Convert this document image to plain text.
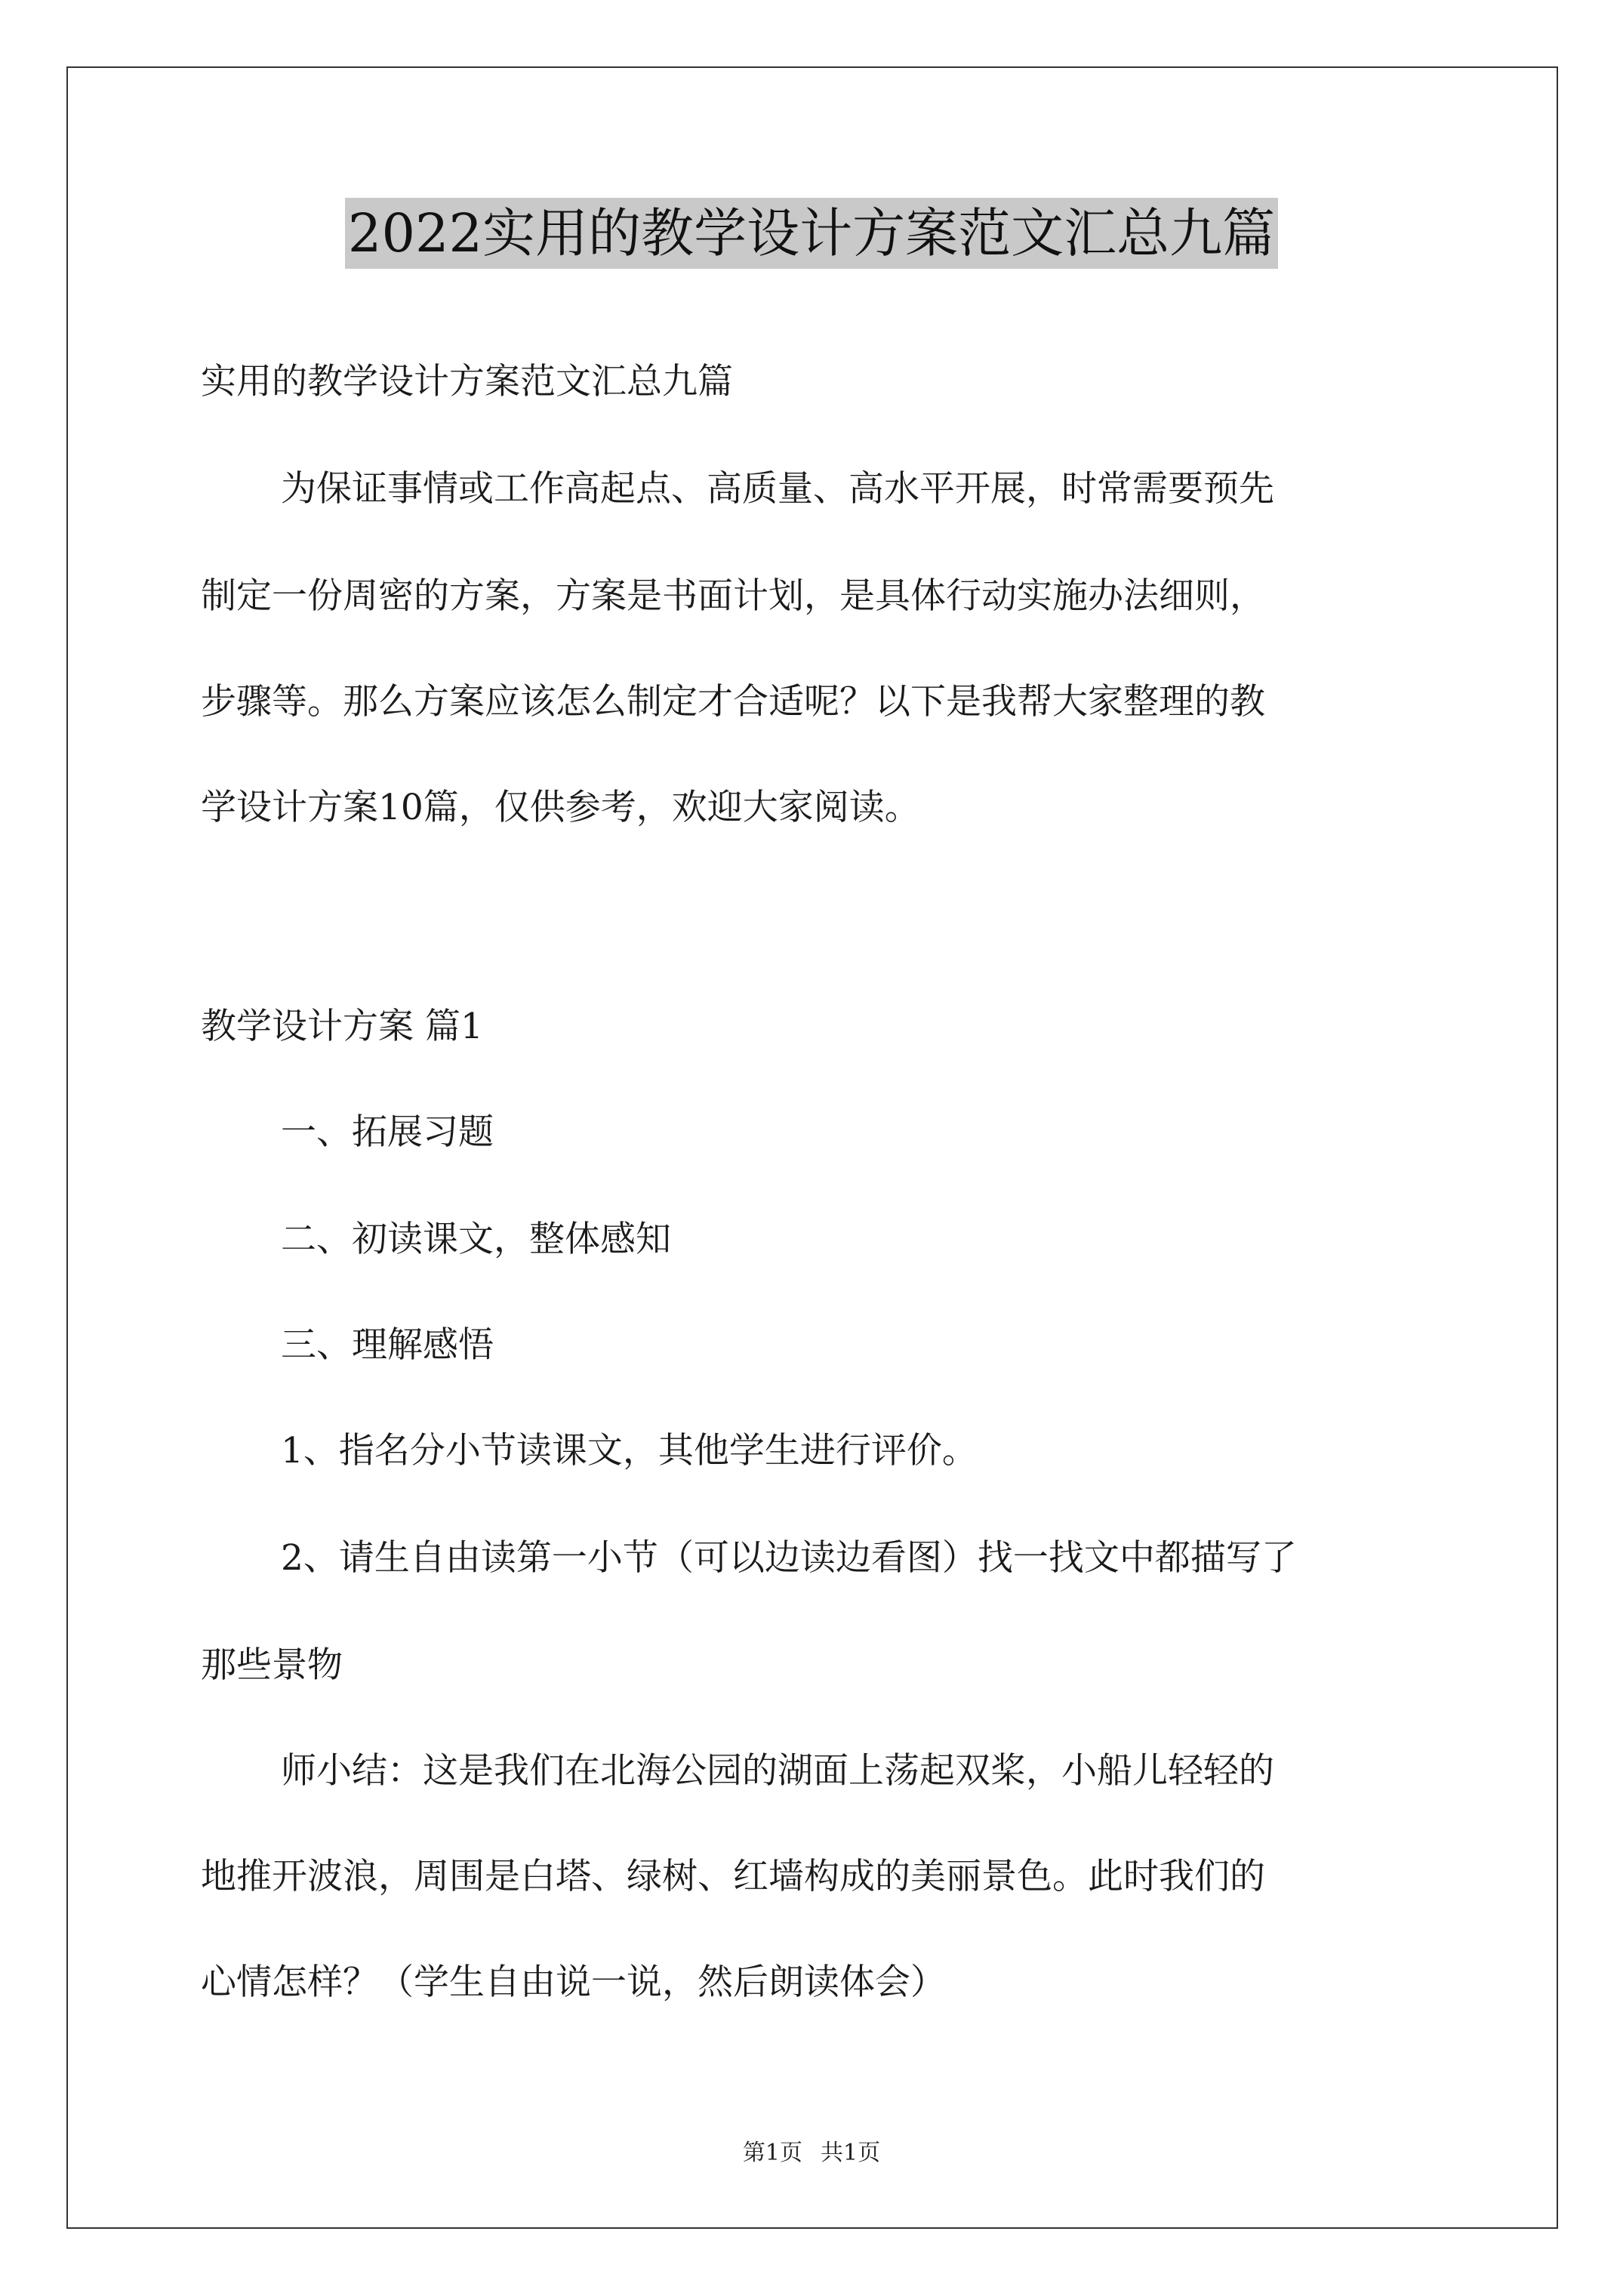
2022实用的教学设计方案范文汇总九篇
实用的教学设计方案范文汇总九篇
为保证事情或工作高起点、高质量、高水平开展，时常需要预先
制定一份周密的方案，方案是书面计划，是具体行动实施办法细则，
步骤等。那么方案应该怎么制定才合适呢？以下是我帮大家整理的教
学设计方案10篇，仅供参考，欢迎大家阅读。
教学设计方案 篇1
一、拓展习题
二、初读课文，整体感知
三、理解感悟
1、指名分小节读课文，其他学生进行评价。
2、请生自由读第一小节（可以边读边看图）找一找文中都描写了
那些景物
师小结：这是我们在北海公园的湖面上荡起双桨，小船儿轻轻的
地推开波浪，周围是白塔、绿树、红墙构成的美丽景色。此时我们的
心情怎样？（学生自由说一说，然后朗读体会）
第1页 共1页
